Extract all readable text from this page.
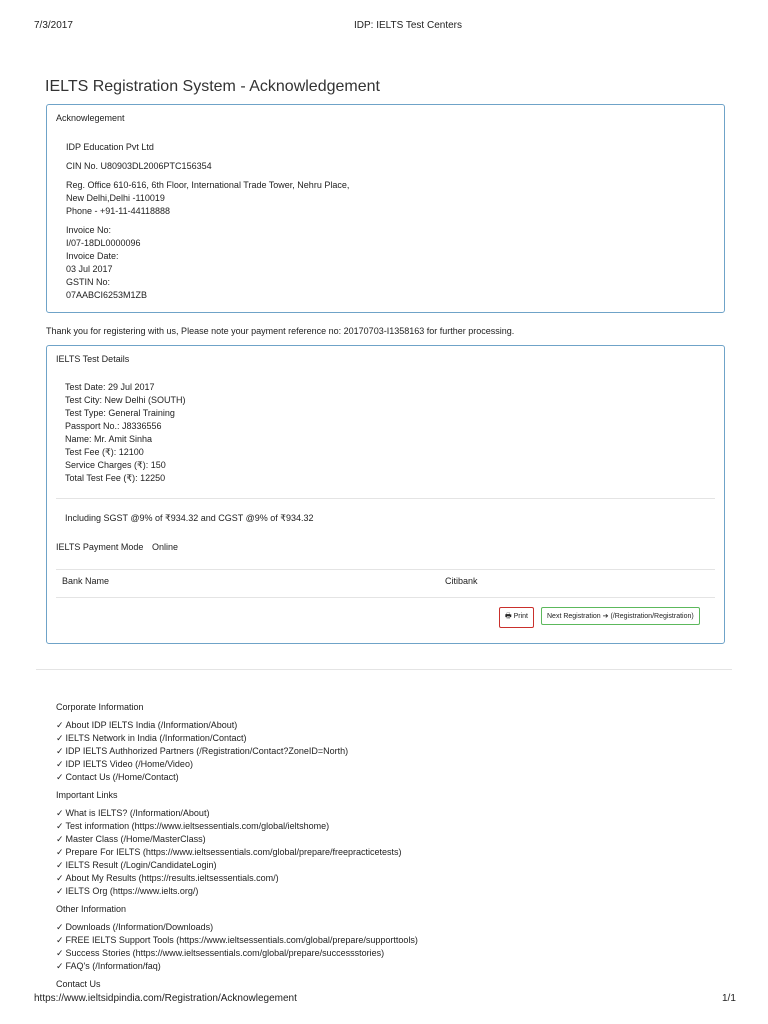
7/3/2017	IDP: IELTS Test Centers
IELTS Registration System - Acknowledgement
Acknowlegement
IDP Education Pvt Ltd
CIN No. U80903DL2006PTC156354
Reg. Office 610-616, 6th Floor, International Trade Tower, Nehru Place,
New Delhi,Delhi -110019
Phone - +91-11-44118888
Invoice No:
I/07-18DL0000096
Invoice Date:
03 Jul 2017
GSTIN No:
07AABCI6253M1ZB
Thank you for registering with us, Please note your payment reference no: 20170703-I1358163 for further processing.
IELTS Test Details
Test Date: 29 Jul 2017
Test City: New Delhi (SOUTH)
Test Type: General Training
Passport No.: J8336556
Name: Mr. Amit Sinha
Test Fee (₹): 12100
Service Charges (₹): 150
Total Test Fee (₹): 12250
Including SGST @9% of ₹934.32 and CGST @9% of ₹934.32
IELTS Payment Mode Online
Bank Name	Citibank
🖶 Print	Next Registration ➔ (/Registration/Registration)
Corporate Information
✓ About IDP IELTS India (/Information/About)
✓ IELTS Network in India (/Information/Contact)
✓ IDP IELTS Authhorized Partners (/Registration/Contact?ZoneID=North)
✓ IDP IELTS Video (/Home/Video)
✓ Contact Us (/Home/Contact)
Important Links
✓ What is IELTS? (/Information/About)
✓ Test information (https://www.ieltsessentials.com/global/ieltshome)
✓ Master Class (/Home/MasterClass)
✓ Prepare For IELTS (https://www.ieltsessentials.com/global/prepare/freepracticetests)
✓ IELTS Result (/Login/CandidateLogin)
✓ About My Results (https://results.ieltsessentials.com/)
✓ IELTS Org (https://www.ielts.org/)
Other Information
✓ Downloads (/Information/Downloads)
✓ FREE IELTS Support Tools (https://www.ieltsessentials.com/global/prepare/supporttools)
✓ Success Stories (https://www.ieltsessentials.com/global/prepare/successstories)
✓ FAQ's (/Information/faq)
Contact Us
https://www.ieltsidpindia.com/Registration/Acknowlegement	1/1
